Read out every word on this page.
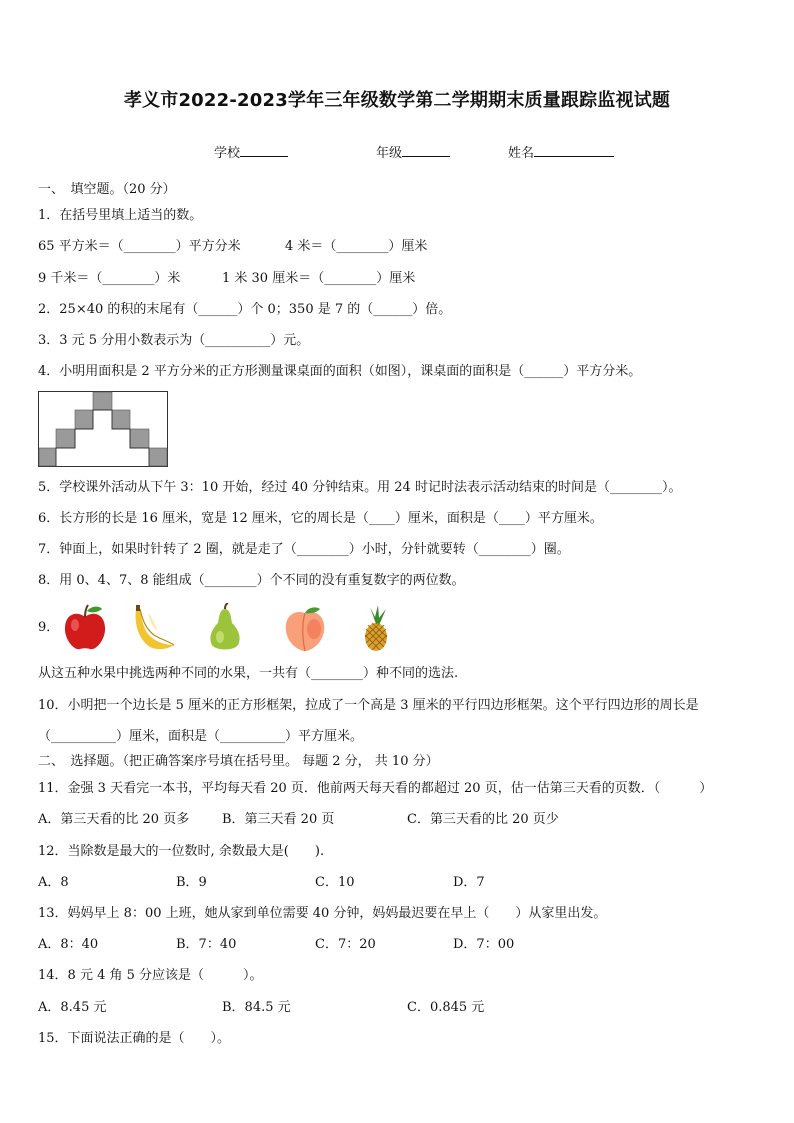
孝义市2022-2023学年三年级数学第二学期期末质量跟踪监视试题
学校	年级	姓名
一、　填空题。（20 分）
1．在括号里填上适当的数。
65 平方米＝（________）平方分米	4 米＝（________）厘米
9 千米＝（________）米	1 米 30 厘米＝（________）厘米
2．25×40 的积的末尾有（______）个 0；350 是 7 的（______）倍。
3．3 元 5 分用小数表示为（__________）元。
4．小明用面积是 2 平方分米的正方形测量课桌面的面积（如图），课桌面的面积是（______）平方分米。
5．学校课外活动从下午 3：10 开始，经过 40 分钟结束。用 24 时记时法表示活动结束的时间是（________）。
6．长方形的长是 16 厘米，宽是 12 厘米，它的周长是（____）厘米，面积是（____）平方厘米。
7．钟面上，如果时针转了 2 圈，就是走了（________）小时，分针就要转（________）圈。
8．用 0、4、7、8 能组成（________）个不同的没有重复数字的两位数。
9．
从这五种水果中挑选两种不同的水果，一共有（________）种不同的选法.
10．小明把一个边长是 5 厘米的正方形框架，拉成了一个高是 3 厘米的平行四边形框架。这个平行四边形的周长是
（__________）厘米，面积是（__________）平方厘米。
二、　选择题。（把正确答案序号填在括号里。 每题 2 分， 共 10 分）
11．金强 3 天看完一本书，平均每天看 20 页．他前两天每天看的都超过 20 页，估一估第三天看的页数．（　　　）
A．第三天看的比 20 页多	B．第三天看 20 页	C．第三天看的比 20 页少
12．当除数是最大的一位数时, 余数最大是(　　).
A．8	B．9	C．10	D．7
13．妈妈早上 8：00 上班，她从家到单位需要 40 分钟，妈妈最迟要在早上（　　）从家里出发。
A．8：40	B．7：40	C．7：20	D．7：00
14．8 元 4 角 5 分应该是（　　　）。
A．8.45 元	B．84.5 元	C．0.845 元
15．下面说法正确的是（　　）。
